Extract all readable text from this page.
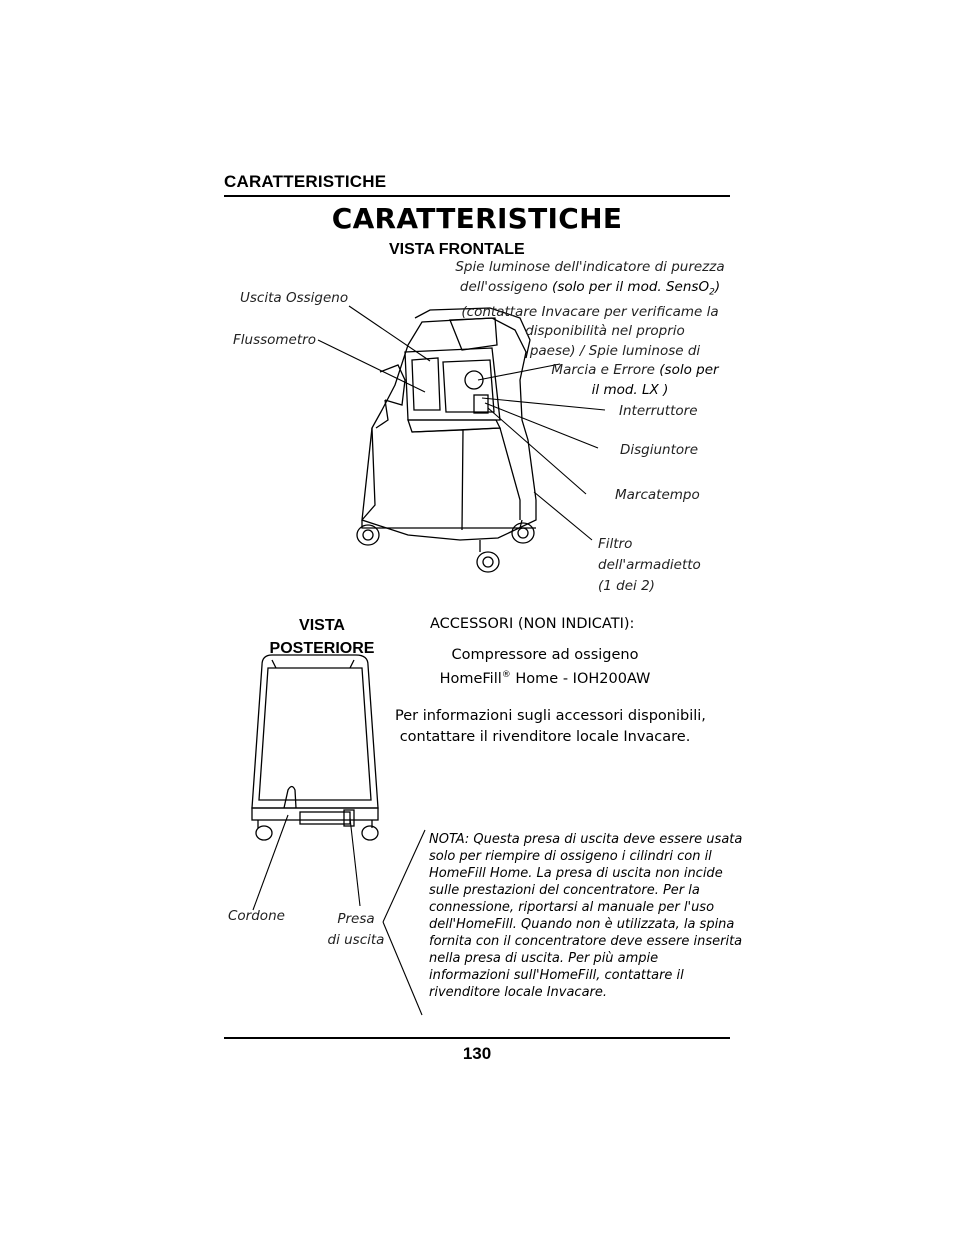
CARATTERISTICHE
CARATTERISTICHE
VISTA FRONTALE
Spie luminose dell'indicatore di purezza
dell'ossigeno (solo per il mod. SensO$_2$)
(contattare Invacare per verificame la
disponibilità nel proprio
paese) / Spie luminose di
Marcia e Errore (solo per
il mod. LX )
Uscita Ossigeno
Flussometro
Interruttore
Disgiuntore
Marcatempo
Filtro
dell'armadietto
(1 dei 2)
VISTA
POSTERIORE
Cordone	Presa
di uscita
ACCESSORI (NON INDICATI):
Compressore ad ossigeno
HomeFill® Home - IOH200AW
Per informazioni sugli accessori disponibili,
contattare il rivenditore locale Invacare.
NOTA: Questa presa di uscita deve essere usata
solo per riempire di ossigeno i cilindri con il
HomeFill Home. La presa di uscita non incide
sulle prestazioni del concentratore. Per la
connessione, riportarsi al manuale per l'uso
dell'HomeFill. Quando non è utilizzata, la spina
fornita con il concentratore deve essere inserita
nella presa di uscita. Per più ampie
informazioni sull'HomeFill, contattare il
rivenditore locale Invacare.
130
